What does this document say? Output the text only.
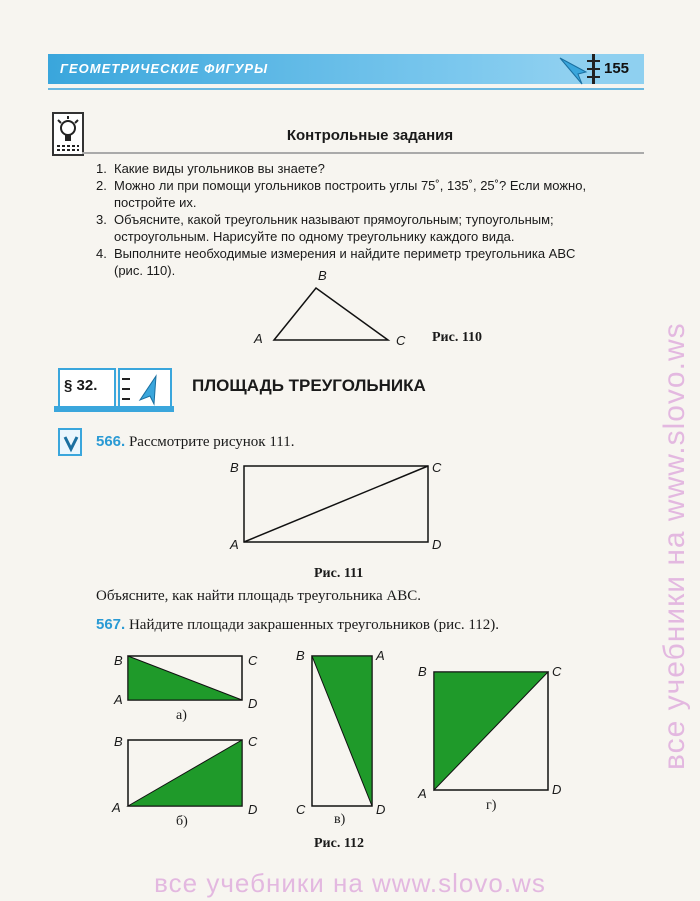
ГЕОМЕТРИЧЕСКИЕ ФИГУРЫ	155
Контрольные задания
1. Какие виды угольников вы знаете?
2. Можно ли при помощи угольников построить углы 75˚, 135˚, 25˚? Если можно,
постройте их.
3. Объясните, какой треугольник называют прямоугольным; тупоугольным;
остроугольным. Нарисуйте по одному треугольнику каждого вида.
4. Выполните необходимые измерения и найдите периметр треугольника ABC
(рис. 110).	B
A	C Рис. 110
§ 32.	ПЛОЩАДЬ ТРЕУГОЛЬНИКА
566. Рассмотрите рисунок 111.
B	C
A	D
Рис. 111
Объясните, как найти площадь треугольника ABC.
567. Найдите площади закрашенных треугольников (рис. 112).
B	C
A	D
а)
B	C
A	D
б)
B	A
C	D
в)
B	C
A	D
г)
Рис. 112
все учебники на www.slovo.ws
все учебники на www.slovo.ws
